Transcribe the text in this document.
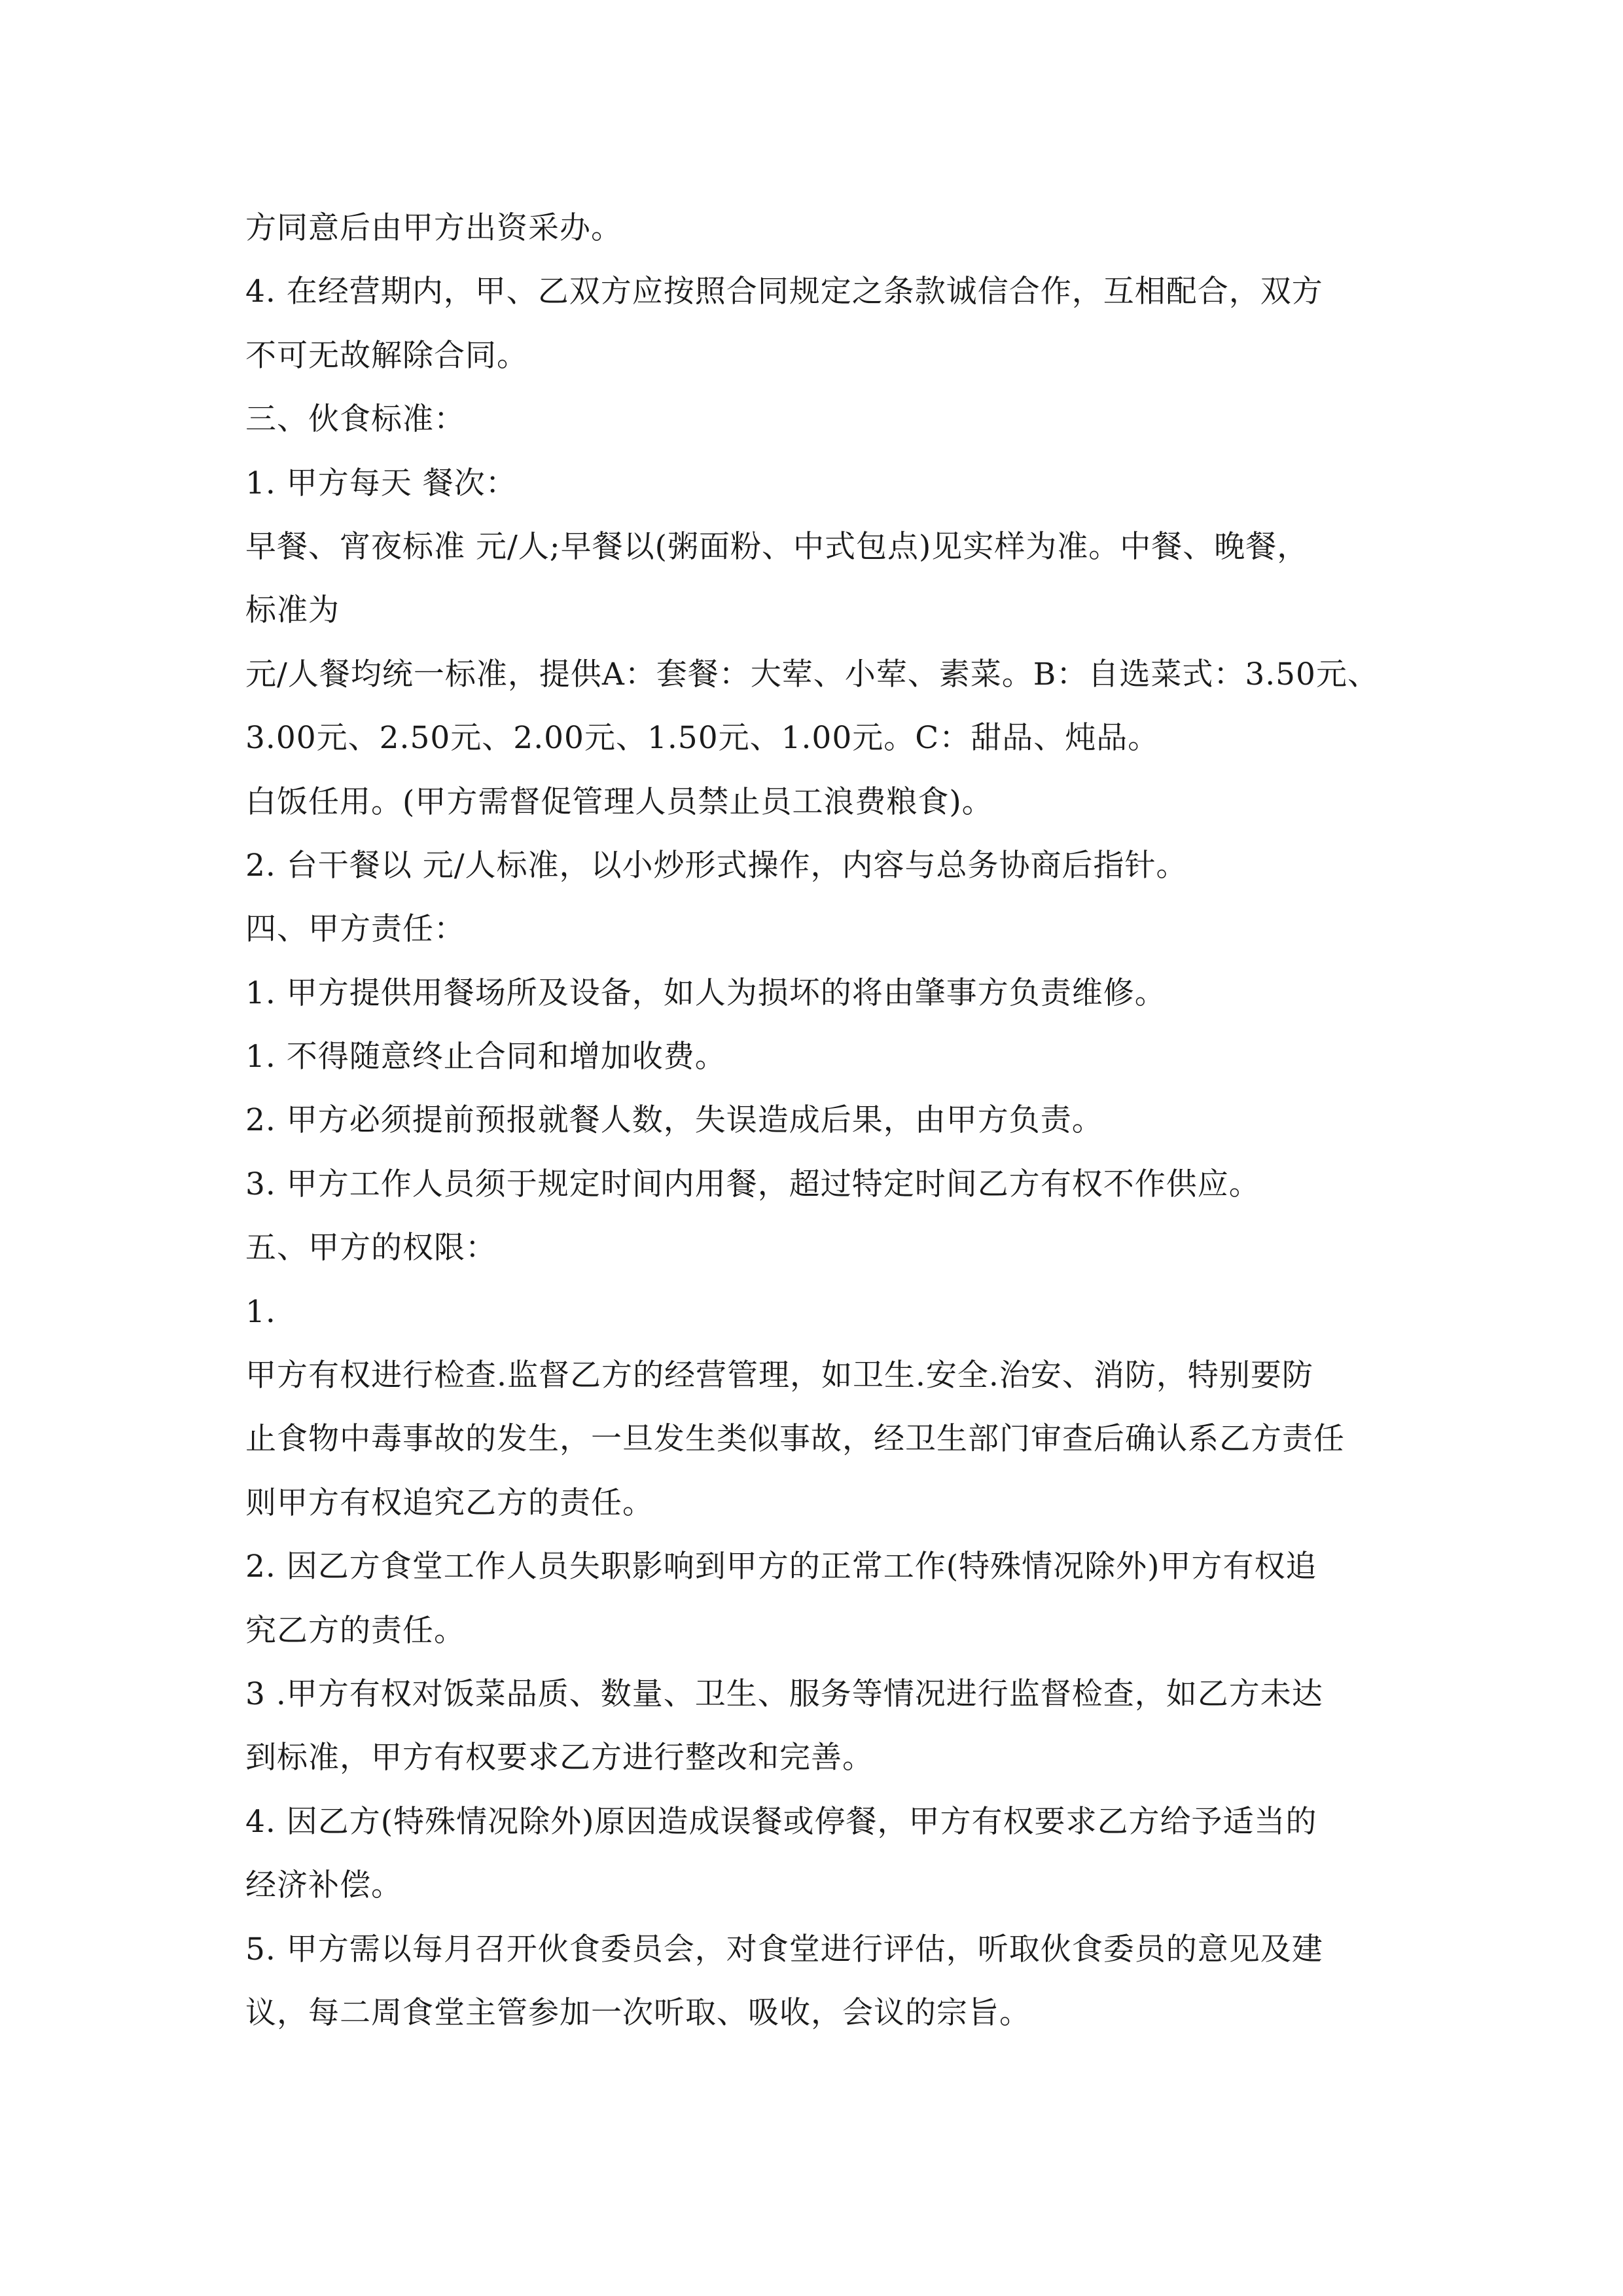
方同意后由甲方出资采办。
4. 在经营期内，甲、乙双方应按照合同规定之条款诚信合作，互相配合，双方
不可无故解除合同。
三、伙食标准：
1. 甲方每天 餐次：
早餐、宵夜标准 元/人;早餐以(粥面粉、中式包点)见实样为准。中餐、晚餐，
标准为
元/人餐均统一标准，提供A：套餐：大荤、小荤、素菜。B：自选菜式：3.50元、
3.00元、2.50元、2.00元、1.50元、1.00元。C：甜品、炖品。
白饭任用。(甲方需督促管理人员禁止员工浪费粮食)。
2. 台干餐以 元/人标准，以小炒形式操作，内容与总务协商后指针。
四、甲方责任：
1. 甲方提供用餐场所及设备，如人为损坏的将由肇事方负责维修。
1. 不得随意终止合同和增加收费。
2. 甲方必须提前预报就餐人数，失误造成后果，由甲方负责。
3. 甲方工作人员须于规定时间内用餐，超过特定时间乙方有权不作供应。
五、甲方的权限：
1.
甲方有权进行检查.监督乙方的经营管理，如卫生.安全.治安、消防，特别要防
止食物中毒事故的发生，一旦发生类似事故，经卫生部门审查后确认系乙方责任
则甲方有权追究乙方的责任。
2. 因乙方食堂工作人员失职影响到甲方的正常工作(特殊情况除外)甲方有权追
究乙方的责任。
3 .甲方有权对饭菜品质、数量、卫生、服务等情况进行监督检查，如乙方未达
到标准，甲方有权要求乙方进行整改和完善。
4. 因乙方(特殊情况除外)原因造成误餐或停餐，甲方有权要求乙方给予适当的
经济补偿。
5. 甲方需以每月召开伙食委员会，对食堂进行评估，听取伙食委员的意见及建
议，每二周食堂主管参加一次听取、吸收，会议的宗旨。
